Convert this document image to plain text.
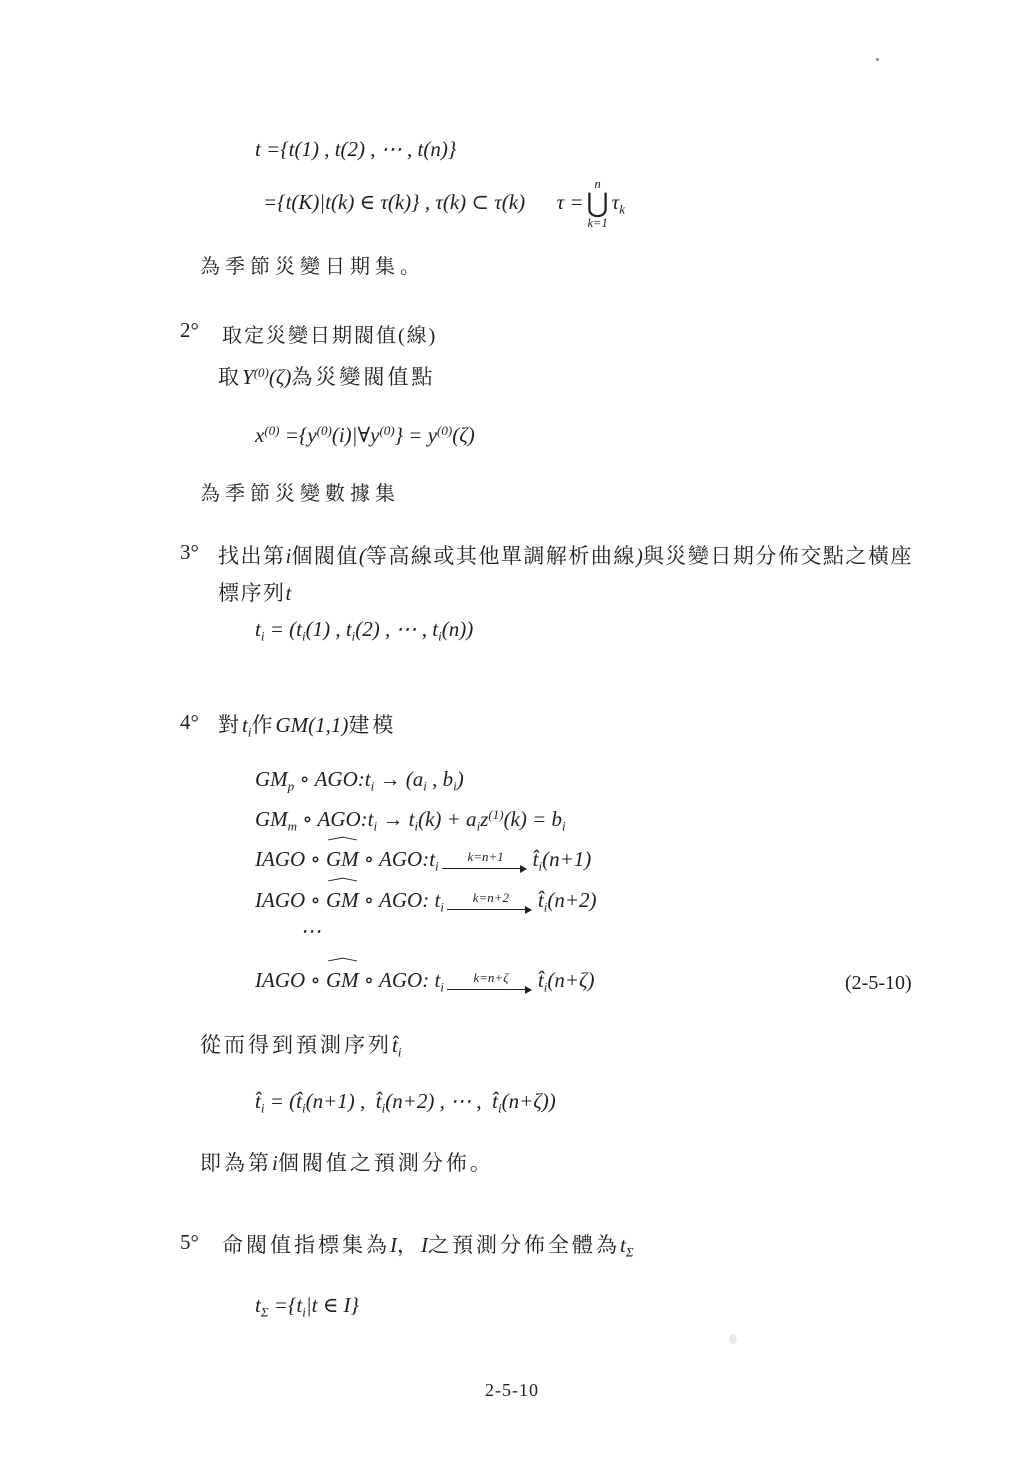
t ={t(1) , t(2) , ⋯ , t(n)}
={t(K)|t(k) ∈ τ(k)} , τ(k) ⊂ τ(k)  τ =
n
⋃
k=1
$\tau_k$
為季節災變日期集。
2° 取定災變日期閥值(線)
取$Y^{(0)}(\zeta)$為災變閥值點
$x^{(0)}$ $=\{y^{(0)}(i)|\forall y^{(0)}\} = y^{(0)}(\zeta)$
為季節災變數據集
3° 找出第i個閥值(等高線或其他單調解析曲線)與災變日期分佈交點之橫座標序列t
$t_i = (t_i(1)$ , $t_i(2)$ , ⋯ , $t_i(n)$)
4° 對$t_i$作GM(1,1)建模
$GM_p$ ∘ $AGO:t_i \to (a_i$ , $b_i$)
$GM_m$ ∘ $AGO:t_i \to t_i(k) + a_iz^{(1)}(k) = b_i$
IAGO ∘ GM ∘ $AGO:t_i$
k=n+1 $t̂_i(n+1)$
IAGO ∘ GM ∘ AGO: $t_i$
k=n+2 $t̂_i(n+2)$
⋯
IAGO ∘ GM ∘ AGO: $t_i$
k=n+ζ $t̂_i(n+\zeta)$	(2-5-10)
從而得到預測序列$t̂_i$
$t̂_i$ = ($t̂_i(n+1)$ , $t̂_i(n+2)$ , ⋯ , $t̂_i(n+\zeta)$)
即為第i個閥值之預測分佈。
5° 命閥值指標集為I，I之預測分佈全體為$t_\Sigma$
$t_\Sigma =\{t_i|t$ ∈ I}
2-5-10
